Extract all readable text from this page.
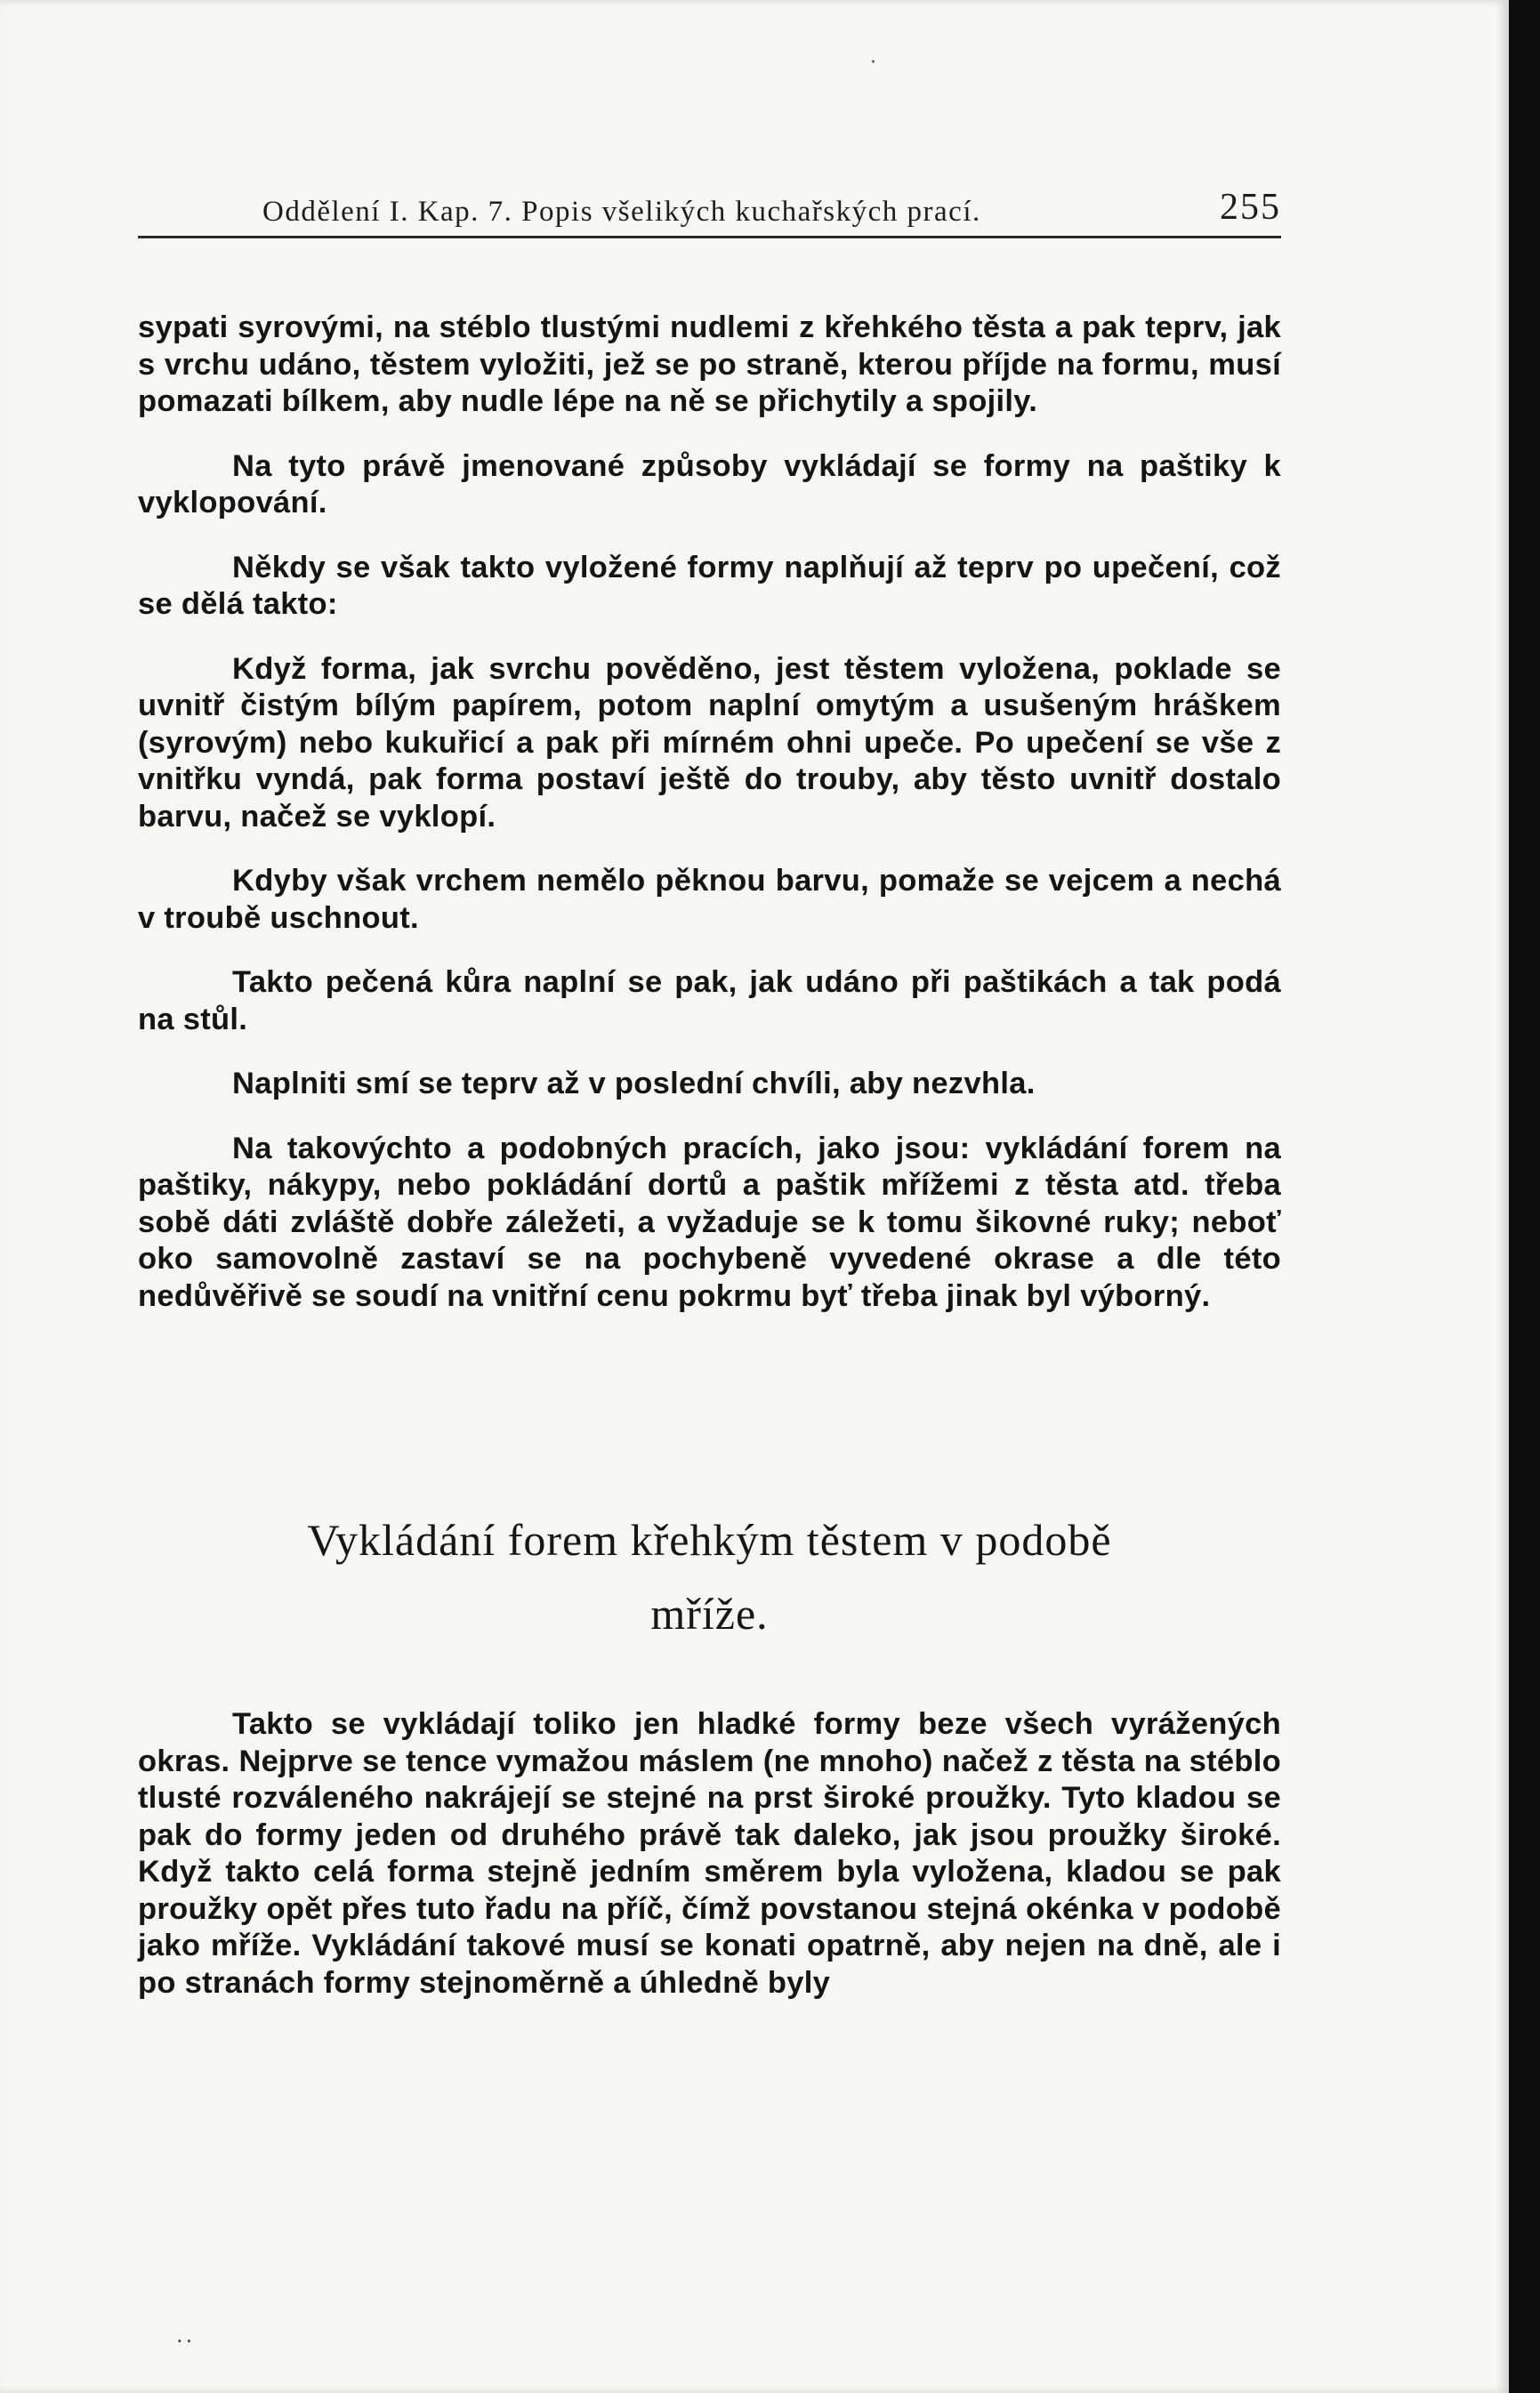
·
Oddělení I. Kap. 7. Popis všelikých kuchařských prací.	255

sypati syrovými, na stéblo tlustými nudlemi z křehkého těsta a pak teprv, jak s vrchu udáno, těstem vyložiti, jež se po straně, kterou příjde na formu, musí pomazati bílkem, aby nudle lépe na ně se přichytily a spojily.

Na tyto právě jmenované způsoby vykládají se formy na paštiky k vyklopování.

Někdy se však takto vyložené formy naplňují až teprv po upečení, což se dělá takto:

Když forma, jak svrchu pověděno, jest těstem vyložena, poklade se uvnitř čistým bílým papírem, potom naplní omytým a usušeným hráškem (syrovým) nebo kukuřicí a pak při mírném ohni upeče. Po upečení se vše z vnitřku vyndá, pak forma postaví ještě do trouby, aby těsto uvnitř dostalo barvu, načež se vyklopí.

Kdyby však vrchem nemělo pěknou barvu, pomaže se vejcem a nechá v troubě uschnout.

Takto pečená kůra naplní se pak, jak udáno při paštikách a tak podá na stůl.

Naplniti smí se teprv až v poslední chvíli, aby nezvhla.

Na takovýchto a podobných pracích, jako jsou: vykládání forem na paštiky, nákypy, nebo pokládání dortů a paštik mřížemi z těsta atd. třeba sobě dáti zvláště dobře záležeti, a vyžaduje se k tomu šikovné ruky; neboť oko samovolně zastaví se na pochybeně vyvedené okrase a dle této nedůvěřivě se soudí na vnitřní cenu pokrmu byť třeba jinak byl výborný.

Vykládání forem křehkým těstem v podobě
mříže.

Takto se vykládají toliko jen hladké formy beze všech vyrážených okras. Nejprve se tence vymažou máslem (ne mnoho) načež z těsta na stéblo tlusté rozváleného nakrájejí se stejné na prst široké proužky. Tyto kladou se pak do formy jeden od druhého právě tak daleko, jak jsou proužky široké. Když takto celá forma stejně jedním směrem byla vyložena, kladou se pak proužky opět přes tuto řadu na příč, čímž povstanou stejná okénka v podobě jako mříže. Vykládání takové musí se konati opatrně, aby nejen na dně, ale i po stranách formy stejnoměrně a úhledně byly

··
